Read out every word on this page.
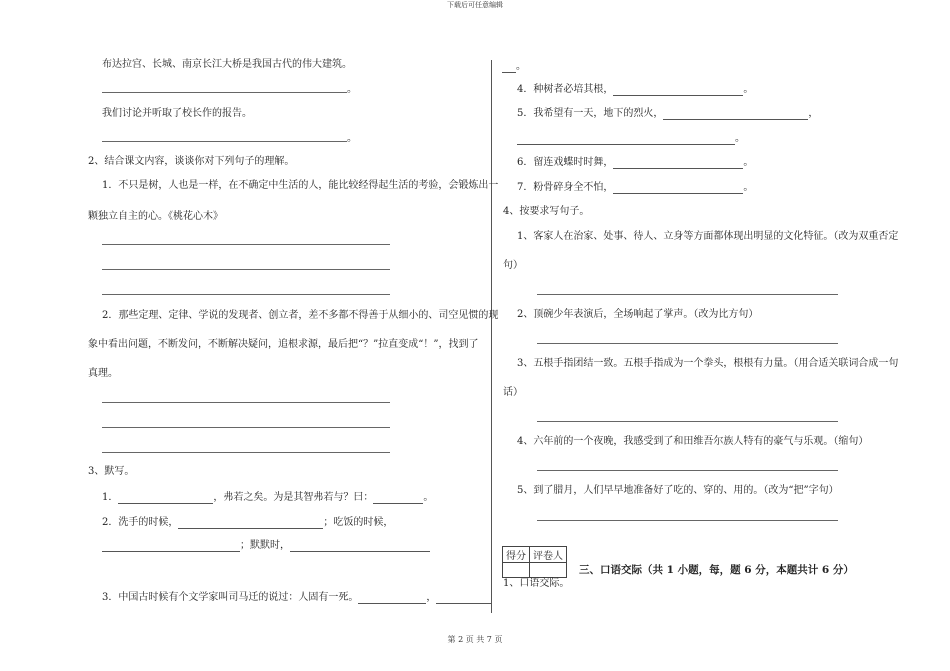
下载后可任意编辑
布达拉宫、长城、南京长江大桥是我国古代的伟大建筑。
。
我们讨论并听取了校长作的报告。
。
2、结合课文内容，谈谈你对下列句子的理解。
1．不只是树，人也是一样，在不确定中生活的人，能比较经得起生活的考验，会锻炼出一
颗独立自主的心。《桃花心木》
2．那些定理、定律、学说的发现者、创立者，差不多都不得善于从细小的、司空见惯的现
象中看出问题，不断发问，不断解决疑问，追根求源，最后把“？”拉直变成“！”，找到了
真理。
3、默写。
1．	，弗若之矣。为是其智弗若与？曰：	。
2．洗手的时候，	；吃饭的时候，
；默默时，
3．中国古时候有个文学家叫司马迁的说过：人固有一死。	，
。
4．种树者必培其根，	。
5．我希望有一天，地下的烈火，	，
。
6．留连戏蝶时时舞，	。
7．粉骨碎身全不怕，	。
4、按要求写句子。
1、客家人在治家、处事、待人、立身等方面都体现出明显的文化特征。（改为双重否定
句）
2、顶碗少年表演后，全场响起了掌声。（改为比方句）
3、五根手指团结一致。五根手指成为一个拳头，根根有力量。（用合适关联词合成一句
话）
4、六年前的一个夜晚，我感受到了和田维吾尔族人特有的豪气与乐观。（缩句）
5、到了腊月，人们早早地准备好了吃的、穿的、用的。（改为“把”字句）
得分	评卷人

三、口语交际（共 1 小题，每，题 6 分，本题共计 6 分）
1、口语交际。
第 2 页 共 7 页
